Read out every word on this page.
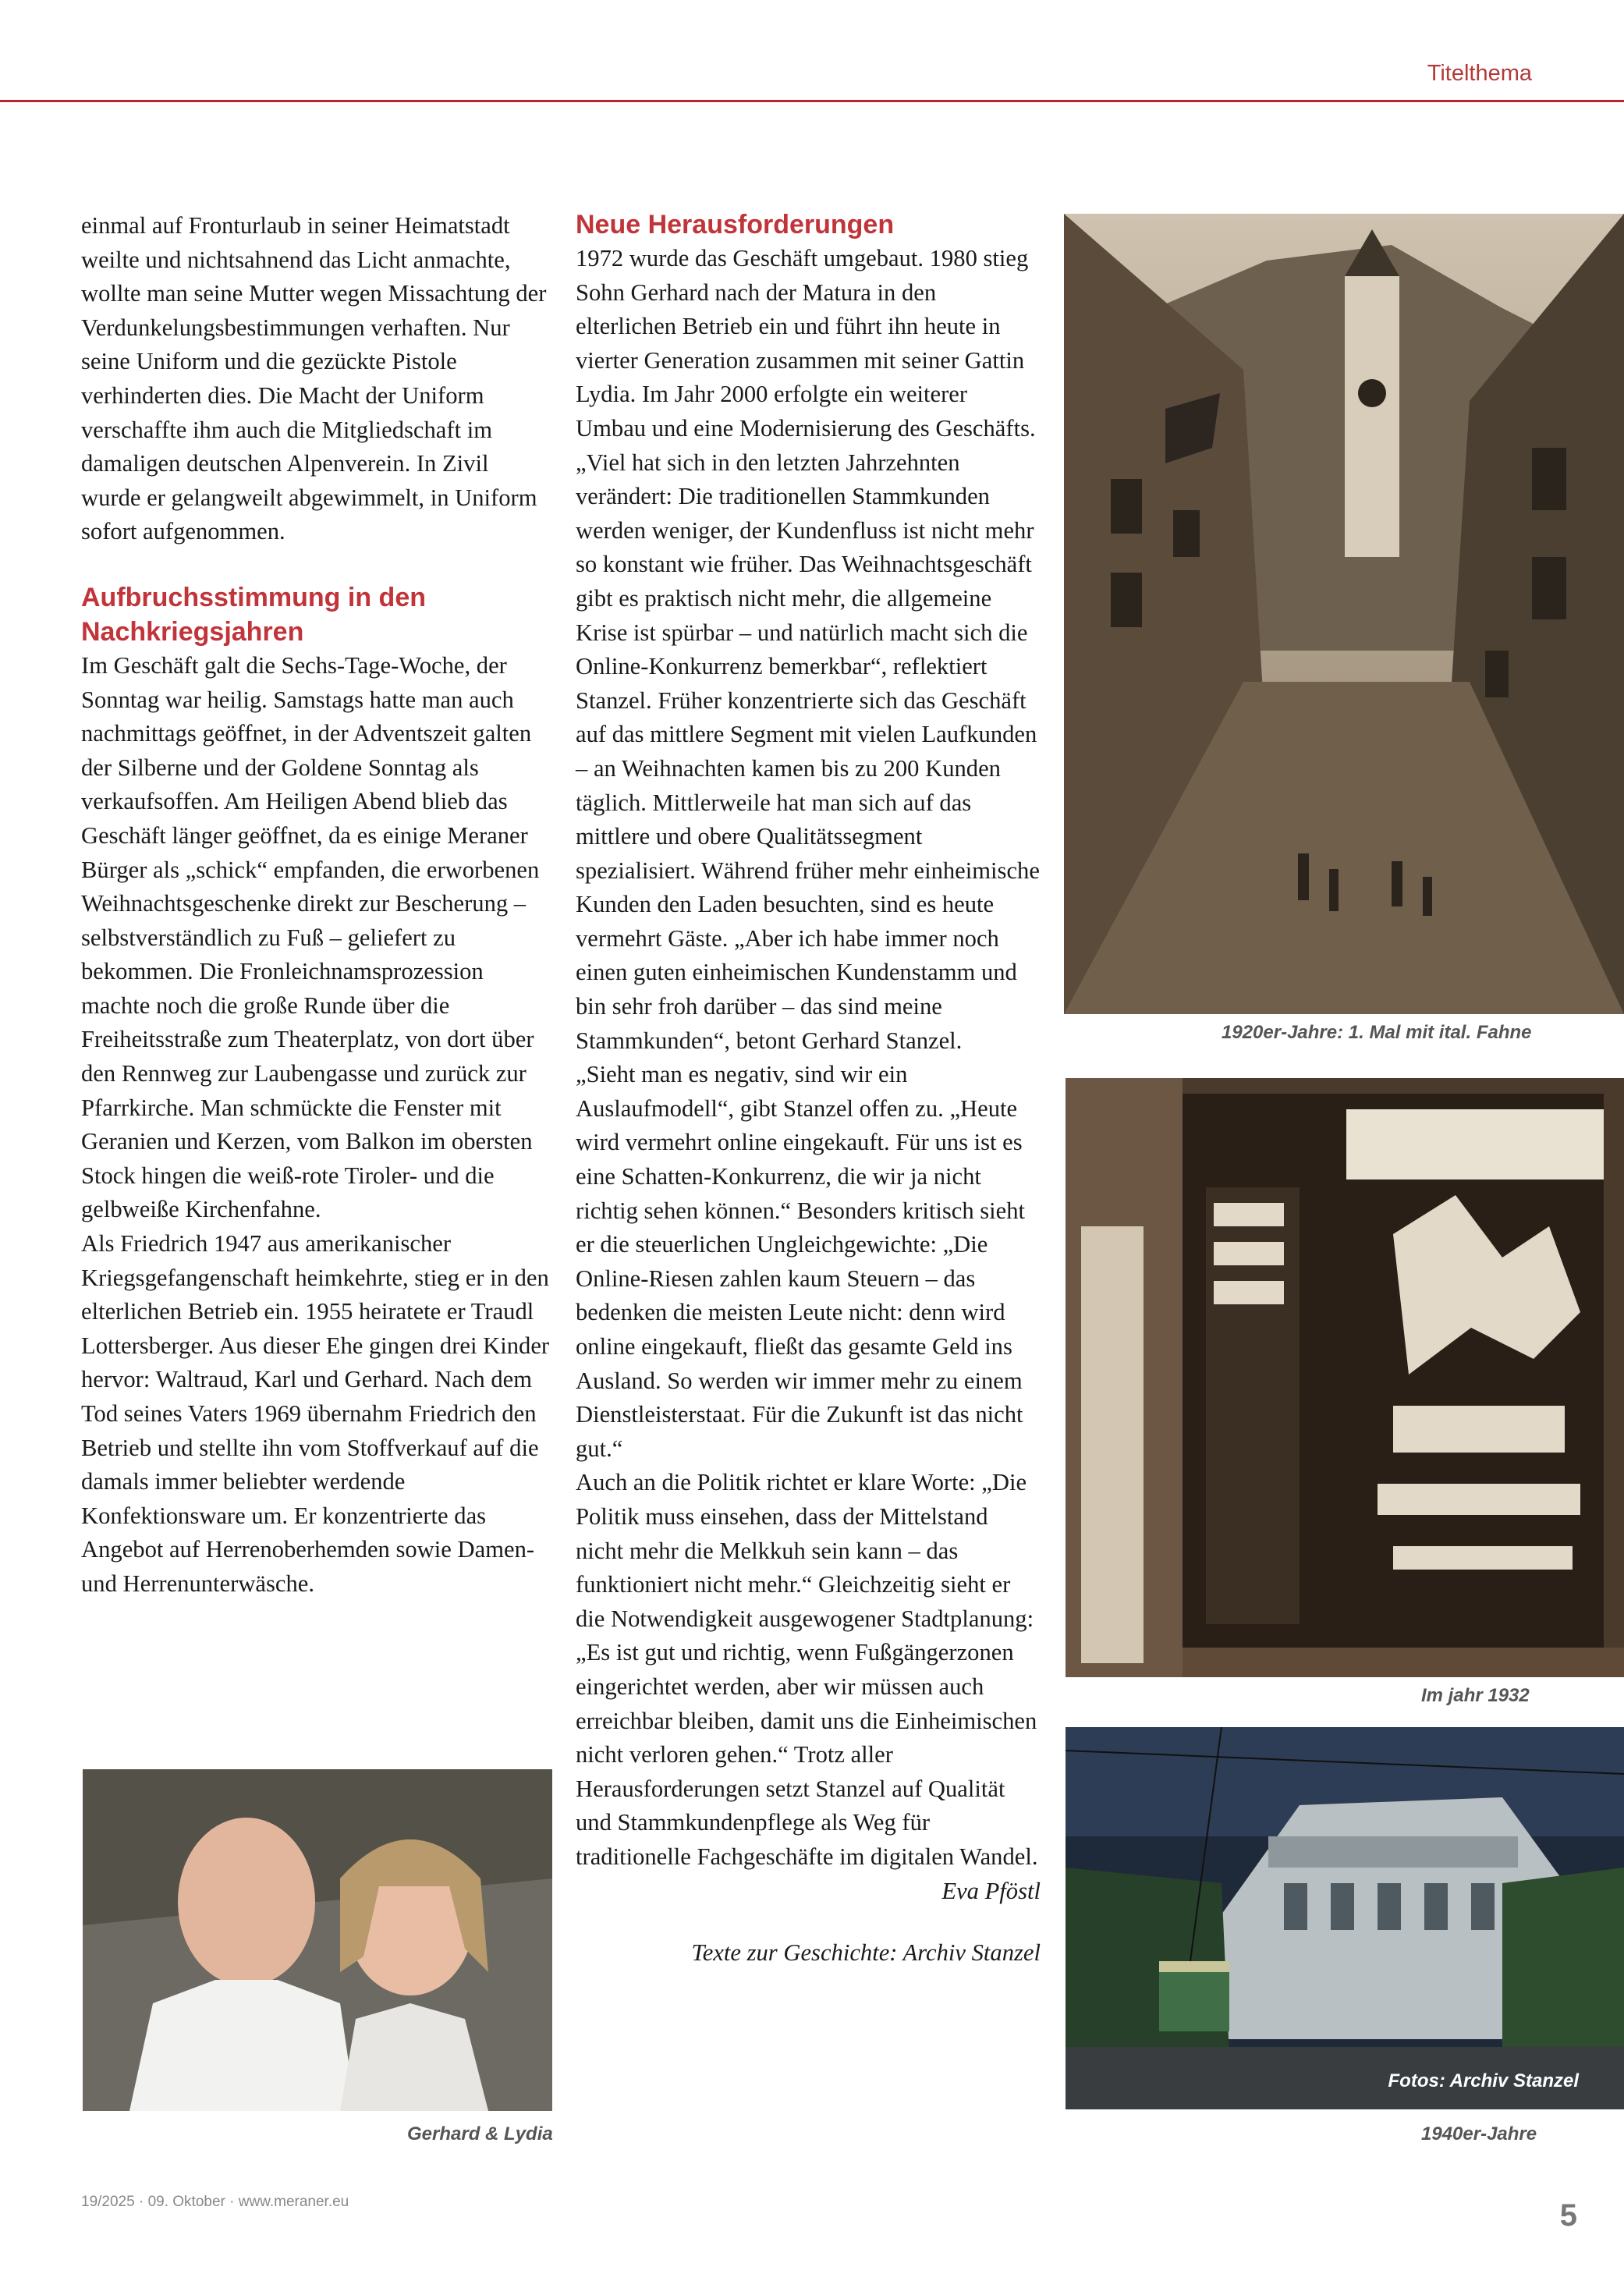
Titelthema

einmal auf Fronturlaub in seiner Heimatstadt weilte und nichtsahnend das Licht anmachte, wollte man seine Mutter wegen Missachtung der Verdunkelungsbestimmungen verhaften. Nur seine Uniform und die gezückte Pistole verhinderten dies. Die Macht der Uniform verschaffte ihm auch die Mitgliedschaft im damaligen deutschen Alpenverein. In Zivil wurde er gelangweilt abgewimmelt, in Uniform sofort aufgenommen.

Aufbruchsstimmung in den Nachkriegsjahren

Im Geschäft galt die Sechs-Tage-Woche, der Sonntag war heilig. Samstags hatte man auch nachmittags geöffnet, in der Adventszeit galten der Silberne und der Goldene Sonntag als verkaufsoffen. Am Heiligen Abend blieb das Geschäft länger geöffnet, da es einige Meraner Bürger als „schick“ empfanden, die erworbenen Weihnachtsgeschenke direkt zur Bescherung – selbstverständlich zu Fuß – geliefert zu bekommen. Die Fronleichnamsprozession machte noch die große Runde über die Freiheitsstraße zum Theaterplatz, von dort über den Rennweg zur Laubengasse und zurück zur Pfarrkirche. Man schmückte die Fenster mit Geranien und Kerzen, vom Balkon im obersten Stock hingen die weiß-rote Tiroler- und die gelbweiße Kirchenfahne.

Als Friedrich 1947 aus amerikanischer Kriegsgefangenschaft heimkehrte, stieg er in den elterlichen Betrieb ein. 1955 heiratete er Traudl Lottersberger. Aus dieser Ehe gingen drei Kinder hervor: Waltraud, Karl und Gerhard. Nach dem Tod seines Vaters 1969 übernahm Friedrich den Betrieb und stellte ihn vom Stoffverkauf auf die damals immer beliebter werdende Konfektionsware um. Er konzentrierte das Angebot auf Herrenoberhemden sowie Damen- und Herrenunterwäsche.

Neue Herausforderungen

1972 wurde das Geschäft umgebaut. 1980 stieg Sohn Gerhard nach der Matura in den elterlichen Betrieb ein und führt ihn heute in vierter Generation zusammen mit seiner Gattin Lydia. Im Jahr 2000 erfolgte ein weiterer Umbau und eine Modernisierung des Geschäfts.

„Viel hat sich in den letzten Jahrzehnten verändert: Die traditionellen Stammkunden werden weniger, der Kundenfluss ist nicht mehr so konstant wie früher. Das Weihnachtsgeschäft gibt es praktisch nicht mehr, die allgemeine Krise ist spürbar – und natürlich macht sich die Online-Konkurrenz bemerkbar“, reflektiert Stanzel. Früher konzentrierte sich das Geschäft auf das mittlere Segment mit vielen Laufkunden – an Weihnachten kamen bis zu 200 Kunden täglich. Mittlerweile hat man sich auf das mittlere und obere Qualitätssegment spezialisiert. Während früher mehr einheimische Kunden den Laden besuchten, sind es heute vermehrt Gäste. „Aber ich habe immer noch einen guten einheimischen Kundenstamm und bin sehr froh darüber – das sind meine Stammkunden“, betont Gerhard Stanzel.

„Sieht man es negativ, sind wir ein Auslaufmodell“, gibt Stanzel offen zu. „Heute wird vermehrt online eingekauft. Für uns ist es eine Schatten-Konkurrenz, die wir ja nicht richtig sehen können.“ Besonders kritisch sieht er die steuerlichen Ungleichgewichte: „Die Online-Riesen zahlen kaum Steuern – das bedenken die meisten Leute nicht: denn wird online eingekauft, fließt das gesamte Geld ins Ausland. So werden wir immer mehr zu einem Dienstleisterstaat. Für die Zukunft ist das nicht gut.“

Auch an die Politik richtet er klare Worte: „Die Politik muss einsehen, dass der Mittelstand nicht mehr die Melkkuh sein kann – das funktioniert nicht mehr.“ Gleichzeitig sieht er die Notwendigkeit ausgewogener Stadtplanung: „Es ist gut und richtig, wenn Fußgängerzonen eingerichtet werden, aber wir müssen auch erreichbar bleiben, damit uns die Einheimischen nicht verloren gehen.“ Trotz aller Herausforderungen setzt Stanzel auf Qualität und Stammkundenpflege als Weg für traditionelle Fachgeschäfte im digitalen Wandel.

Eva Pföstl

Texte zur Geschichte: Archiv Stanzel

1920er-Jahre: 1. Mal mit ital. Fahne
Im jahr 1932
Fotos: Archiv Stanzel
1940er-Jahre
Gerhard & Lydia
19/2025 · 09. Oktober · www.meraner.eu	5
